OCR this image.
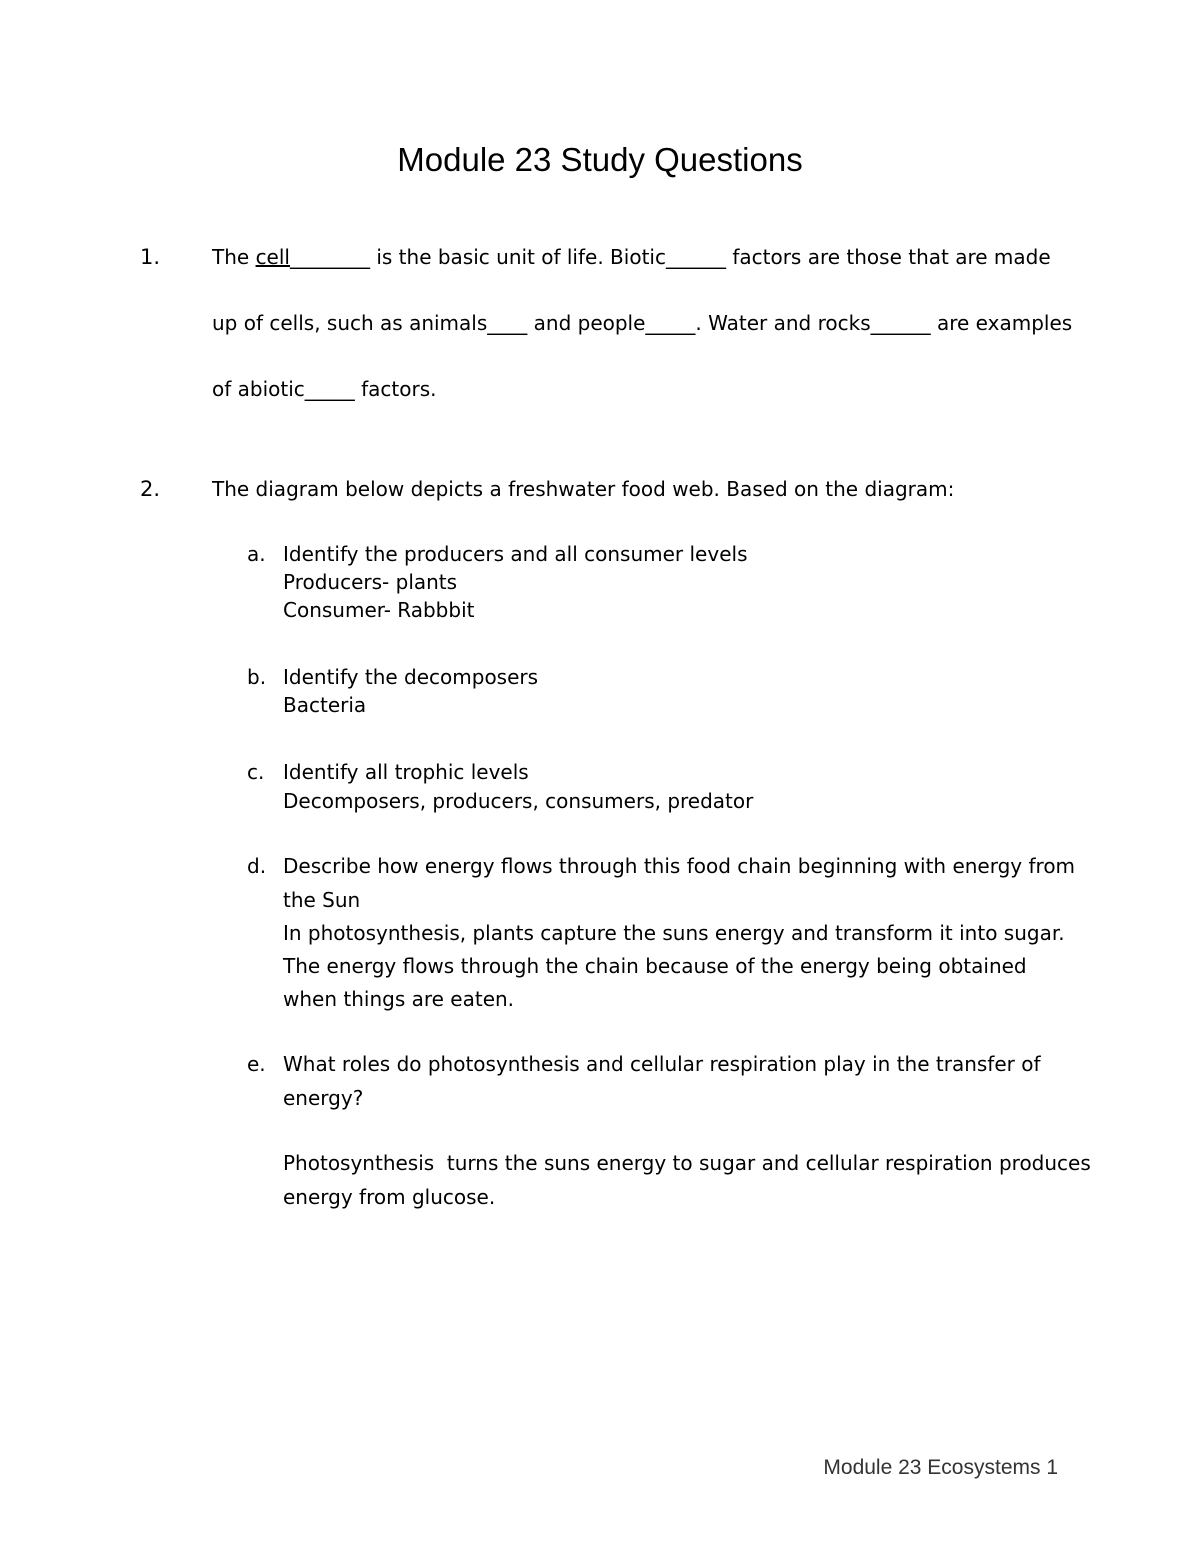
Module 23 Study Questions
1.	The cell________ is the basic unit of life. Biotic______ factors are those that are made
up of cells, such as animals____ and people_____. Water and rocks______ are examples
of abiotic_____ factors.
2.	The diagram below depicts a freshwater food web. Based on the diagram:
a. Identify the producers and all consumer levels
Producers- plants
Consumer- Rabbbit
b. Identify the decomposers
Bacteria
c. Identify all trophic levels
Decomposers, producers, consumers, predator
d. Describe how energy flows through this food chain beginning with energy from
the Sun
In photosynthesis, plants capture the suns energy and transform it into sugar.
The energy flows through the chain because of the energy being obtained
when things are eaten.
e. What roles do photosynthesis and cellular respiration play in the transfer of
energy?
Photosynthesis  turns the suns energy to sugar and cellular respiration produces
energy from glucose.
Module 23 Ecosystems 1
